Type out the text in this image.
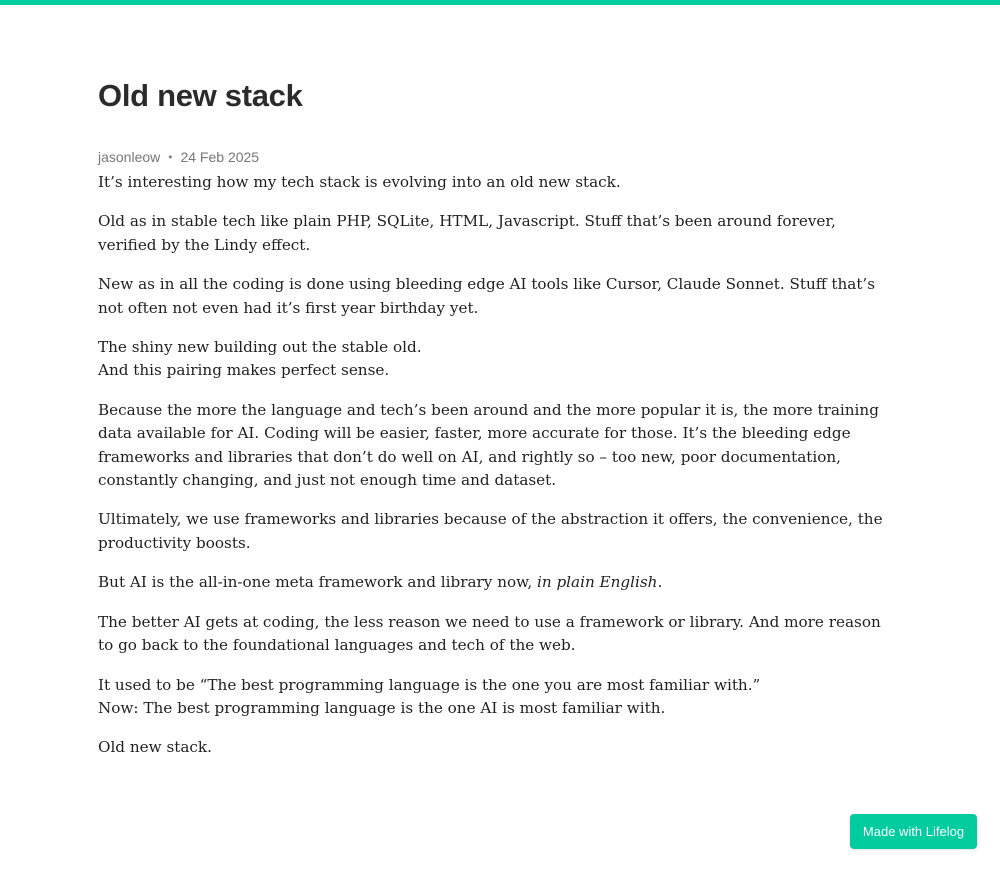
Old new stack
jasonleow • 24 Feb 2025

It’s interesting how my tech stack is evolving into an old new stack.

Old as in stable tech like plain PHP, SQLite, HTML, Javascript. Stuff that’s been around forever, verified by the Lindy effect.

New as in all the coding is done using bleeding edge AI tools like Cursor, Claude Sonnet. Stuff that’s not often not even had it’s first year birthday yet.

The shiny new building out the stable old.
And this pairing makes perfect sense.

Because the more the language and tech’s been around and the more popular it is, the more training data available for AI. Coding will be easier, faster, more accurate for those. It’s the bleeding edge frameworks and libraries that don’t do well on AI, and rightly so – too new, poor documentation, constantly changing, and just not enough time and dataset.

Ultimately, we use frameworks and libraries because of the abstraction it offers, the convenience, the productivity boosts.

But AI is the all-in-one meta framework and library now, in plain English.

The better AI gets at coding, the less reason we need to use a framework or library. And more reason to go back to the foundational languages and tech of the web.

It used to be “The best programming language is the one you are most familiar with.”
Now: The best programming language is the one AI is most familiar with.

Old new stack.

Made with Lifelog
